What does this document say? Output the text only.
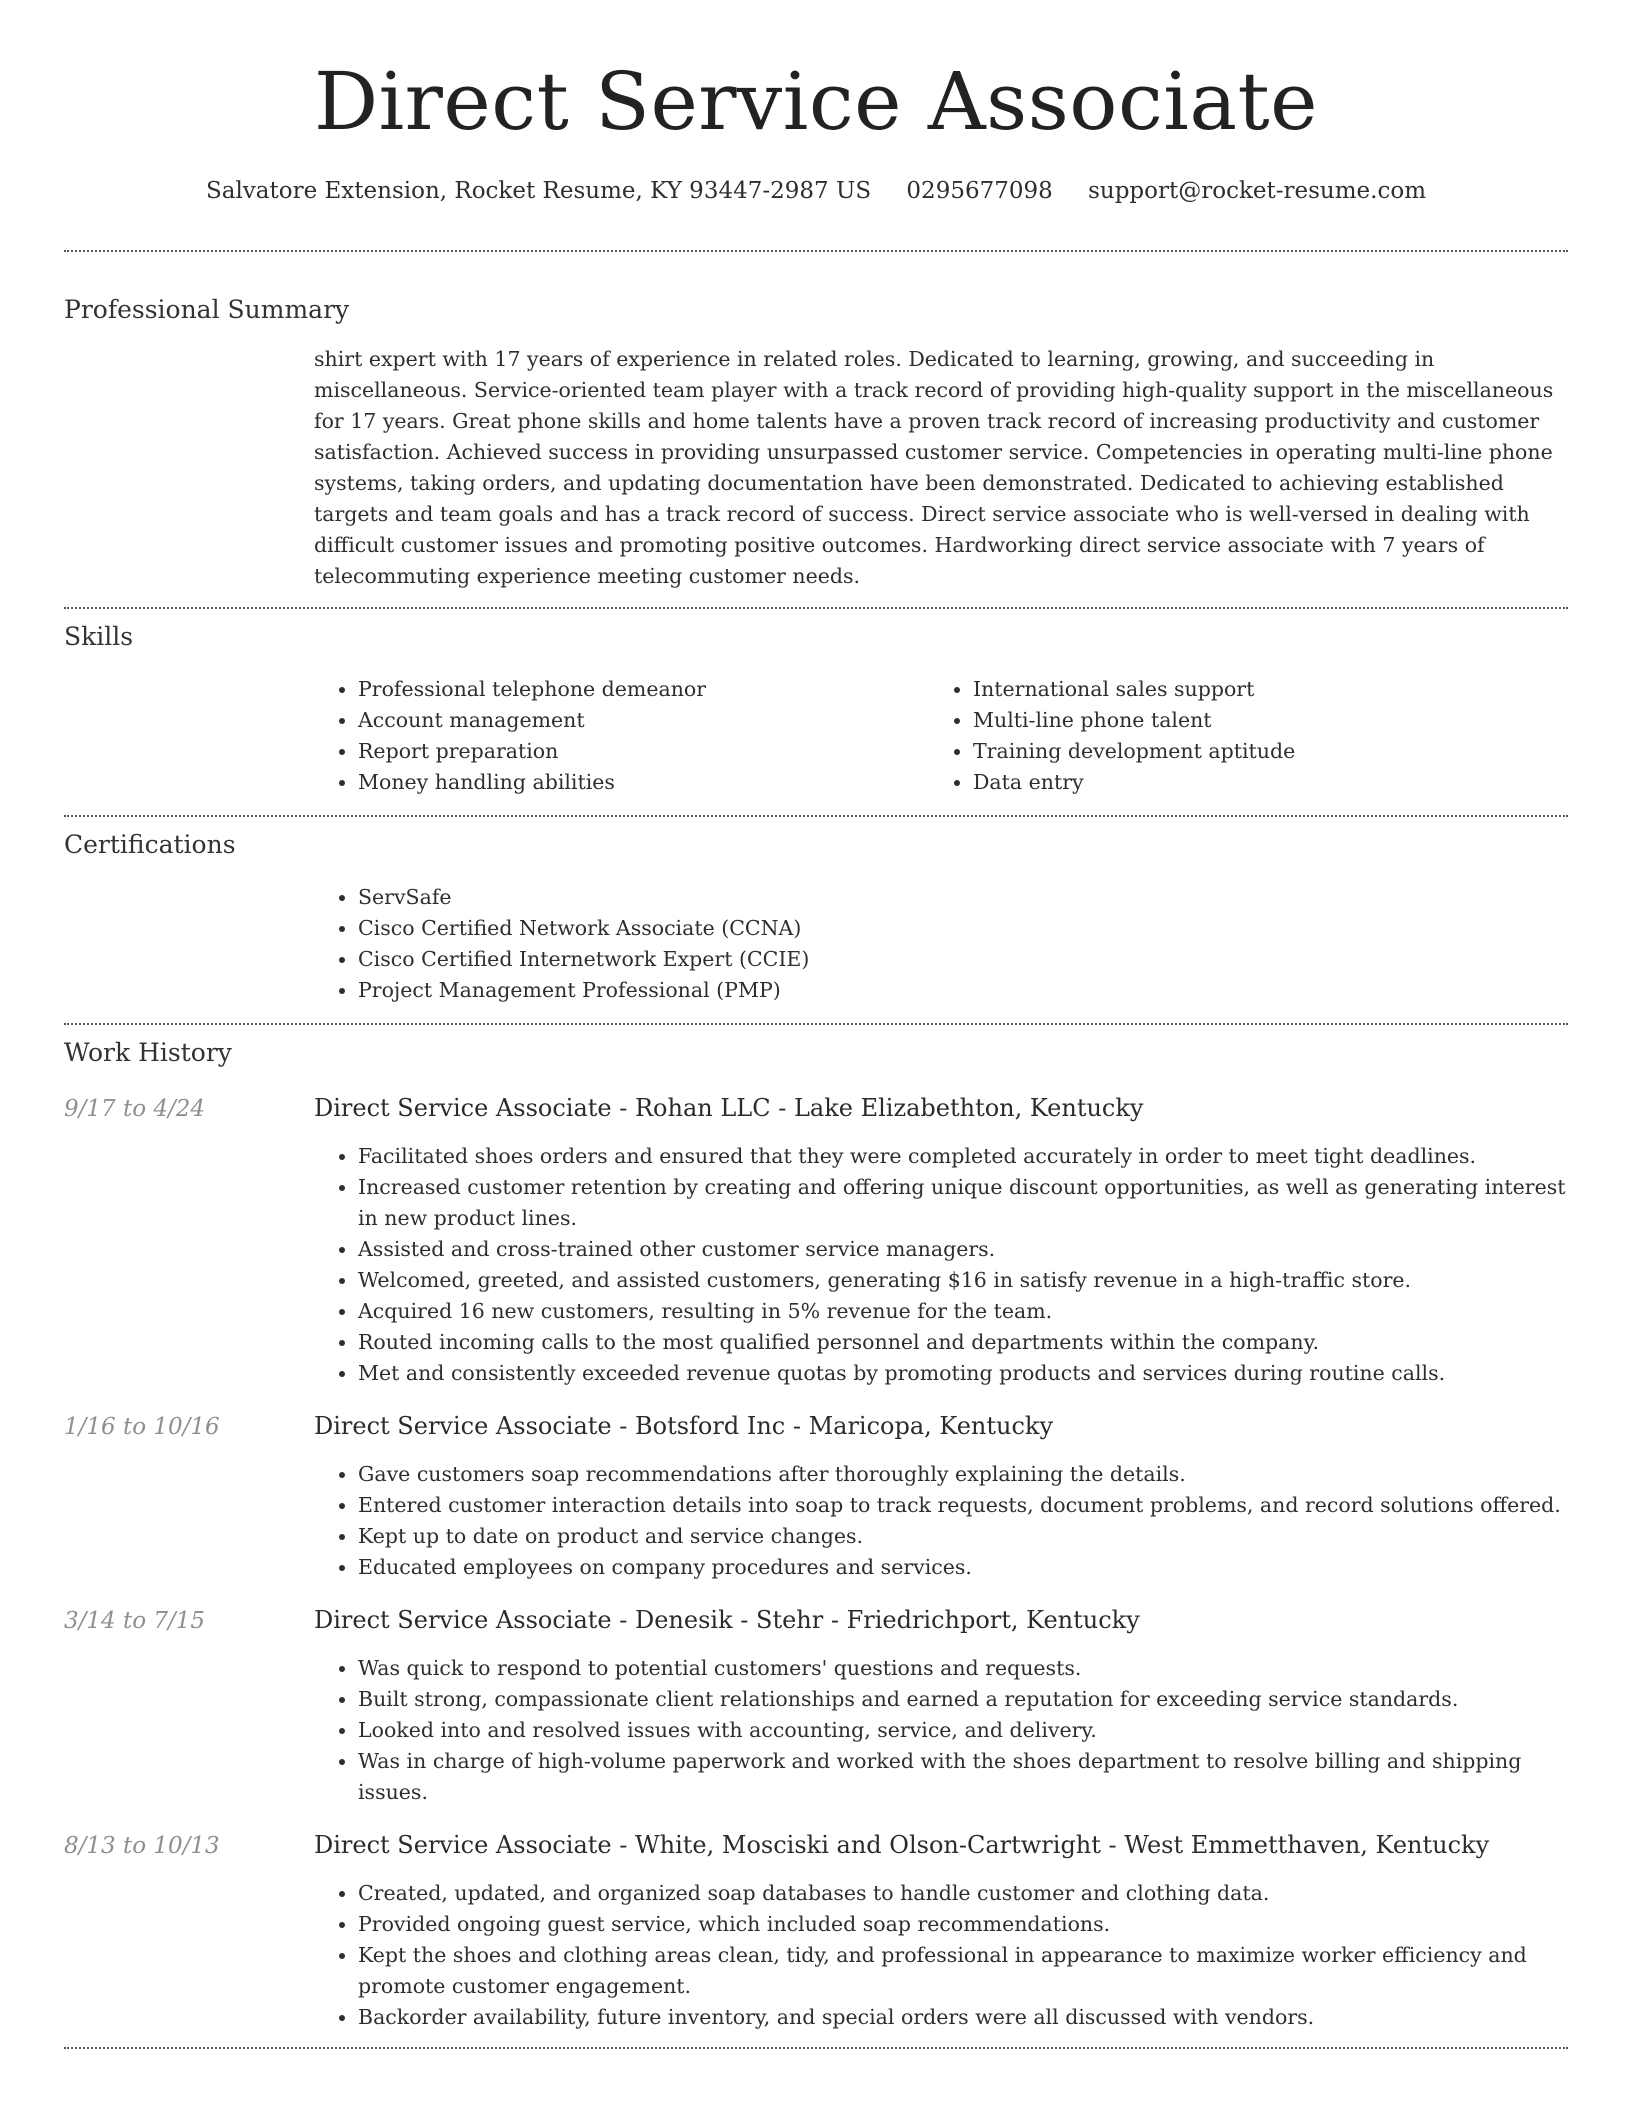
Direct Service Associate
Salvatore Extension, Rocket Resume, KY 93447-2987 US 0295677098 support@rocket-resume.com
Professional Summary

shirt expert with 17 years of experience in related roles. Dedicated to learning, growing, and succeeding in miscellaneous. Service-oriented team player with a track record of providing high-quality support in the miscellaneous for 17 years. Great phone skills and home talents have a proven track record of increasing productivity and customer satisfaction. Achieved success in providing unsurpassed customer service. Competencies in operating multi-line phone systems, taking orders, and updating documentation have been demonstrated. Dedicated to achieving established targets and team goals and has a track record of success. Direct service associate who is well-versed in dealing with difficult customer issues and promoting positive outcomes. Hardworking direct service associate with 7 years of telecommuting experience meeting customer needs.

Skills
• Professional telephone demeanor
• Account management
• Report preparation
• Money handling abilities
• International sales support
• Multi-line phone talent
• Training development aptitude
• Data entry
Certifications
• ServSafe
• Cisco Certified Network Associate (CCNA)
• Cisco Certified Internetwork Expert (CCIE)
• Project Management Professional (PMP)
Work History
9/17 to 4/24	Direct Service Associate - Rohan LLC - Lake Elizabethton, Kentucky
• Facilitated shoes orders and ensured that they were completed accurately in order to meet tight deadlines.
• Increased customer retention by creating and offering unique discount opportunities, as well as generating interest in new product lines.
• Assisted and cross-trained other customer service managers.
• Welcomed, greeted, and assisted customers, generating $16 in satisfy revenue in a high-traffic store.
• Acquired 16 new customers, resulting in 5% revenue for the team.
• Routed incoming calls to the most qualified personnel and departments within the company.
• Met and consistently exceeded revenue quotas by promoting products and services during routine calls.
1/16 to 10/16	Direct Service Associate - Botsford Inc - Maricopa, Kentucky
• Gave customers soap recommendations after thoroughly explaining the details.
• Entered customer interaction details into soap to track requests, document problems, and record solutions offered.
• Kept up to date on product and service changes.
• Educated employees on company procedures and services.
3/14 to 7/15	Direct Service Associate - Denesik - Stehr - Friedrichport, Kentucky
• Was quick to respond to potential customers' questions and requests.
• Built strong, compassionate client relationships and earned a reputation for exceeding service standards.
• Looked into and resolved issues with accounting, service, and delivery.
• Was in charge of high-volume paperwork and worked with the shoes department to resolve billing and shipping issues.
8/13 to 10/13	Direct Service Associate - White, Mosciski and Olson-Cartwright - West Emmetthaven, Kentucky
• Created, updated, and organized soap databases to handle customer and clothing data.
• Provided ongoing guest service, which included soap recommendations.
• Kept the shoes and clothing areas clean, tidy, and professional in appearance to maximize worker efficiency and promote customer engagement.
• Backorder availability, future inventory, and special orders were all discussed with vendors.
